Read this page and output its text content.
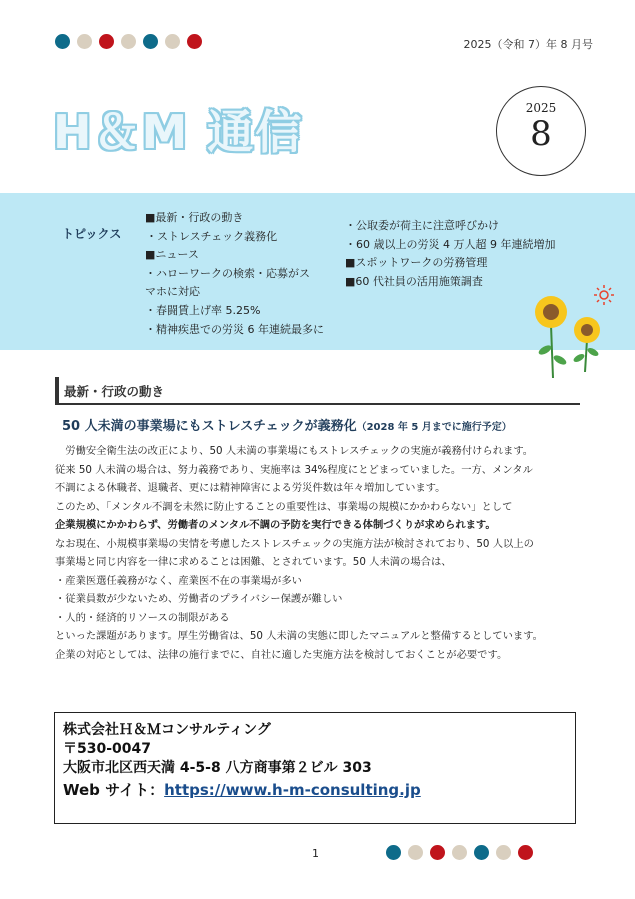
2025（令和 7）年 8 月号
H＆M 通信	2025
8
トピックス
■最新・行政の動き
・ストレスチェック義務化
■ニュース
・ハローワークの検索・応募がスマホに対応
・春闘賃上げ率 5.25%
・精神疾患での労災 6 年連続最多に
・公取委が荷主に注意呼びかけ
・60 歳以上の労災 4 万人超 9 年連続増加
■スポットワークの労務管理
■60 代社員の活用施策調査
最新・行政の動き
50 人未満の事業場にもストレスチェックが義務化（2028 年 5 月までに施行予定）

　労働安全衛生法の改正により、50 人未満の事業場にもストレスチェックの実施が義務付けられます。

従来 50 人未満の場合は、努力義務であり、実施率は 34%程度にとどまっていました。一方、メンタル

不調による休職者、退職者、更には精神障害による労災件数は年々増加しています。

このため、「メンタル不調を未然に防止することの重要性は、事業場の規模にかかわらない」として

企業規模にかかわらず、労働者のメンタル不調の予防を実行できる体制づくりが求められます。

なお現在、小規模事業場の実情を考慮したストレスチェックの実施方法が検討されており、50 人以上の

事業場と同じ内容を一律に求めることは困難、とされています。50 人未満の場合は、

・産業医選任義務がなく、産業医不在の事業場が多い

・従業員数が少ないため、労働者のプライバシー保護が難しい

・人的・経済的リソースの制限がある

といった課題があります。厚生労働省は、50 人未満の実態に即したマニュアルと整備するとしています。

企業の対応としては、法律の施行までに、自社に適した実施方法を検討しておくことが必要です。

株式会社Ｈ＆Ｍコンサルティング
〒530-0047
大阪市北区西天満 4-5-8 八方商事第２ビル 303
Web サイト：https://www.h-m-consulting.jp
1
